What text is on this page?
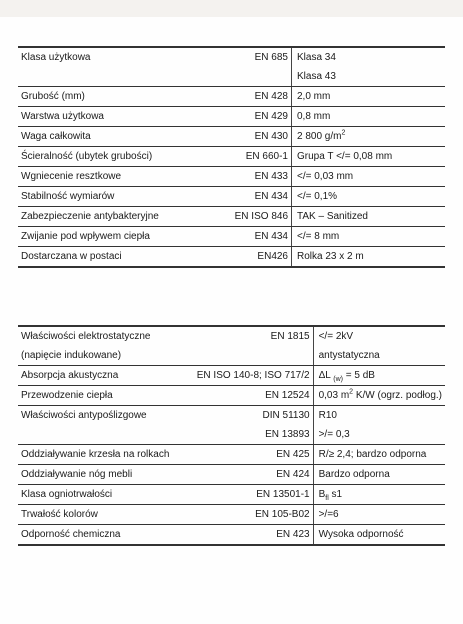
Klasa użytkowa	EN 685	Klasa 34
		Klasa 43
Grubość (mm)	EN 428	2,0 mm
Warstwa użytkowa	EN 429	0,8 mm
Waga całkowita	EN 430	2 800 $g/m^2$
Ścieralność (ubytek grubości)	EN 660-1	Grupa T </= 0,08 mm
Wgniecenie resztkowe	EN 433	</= 0,03 mm
Stabilność wymiarów	EN 434	</= 0,1%
Zabezpieczenie antybakteryjne	EN ISO 846	TAK – Sanitized
Zwijanie pod wpływem ciepła	EN 434	</= 8 mm
Dostarczana w postaci	EN426	Rolka 23 x 2 m
Właściwości elektrostatyczne	EN 1815	</= 2kV
(napięcie indukowane)		antystatyczna
Absorpcja akustyczna	EN ISO 140-8; ISO 717/2	ΔL $_{(w)}$ = 5 dB
Przewodzenie ciepła	EN 12524	0,03 $m^2$ K/W (ogrz. podłog.)
Właściwości antypoślizgowe	DIN 51130	R10
	EN 13893	>/= 0,3
Oddziaływanie krzesła na rolkach	EN 425	R/≥ 2,4; bardzo odporna
Oddziaływanie nóg mebli	EN 424	Bardzo odporna
Klasa ogniotrwałości	EN 13501-1	$B_{fl}$ s1
Trwałość kolorów	EN 105-B02	>/=6
Odporność chemiczna	EN 423	Wysoka odporność
